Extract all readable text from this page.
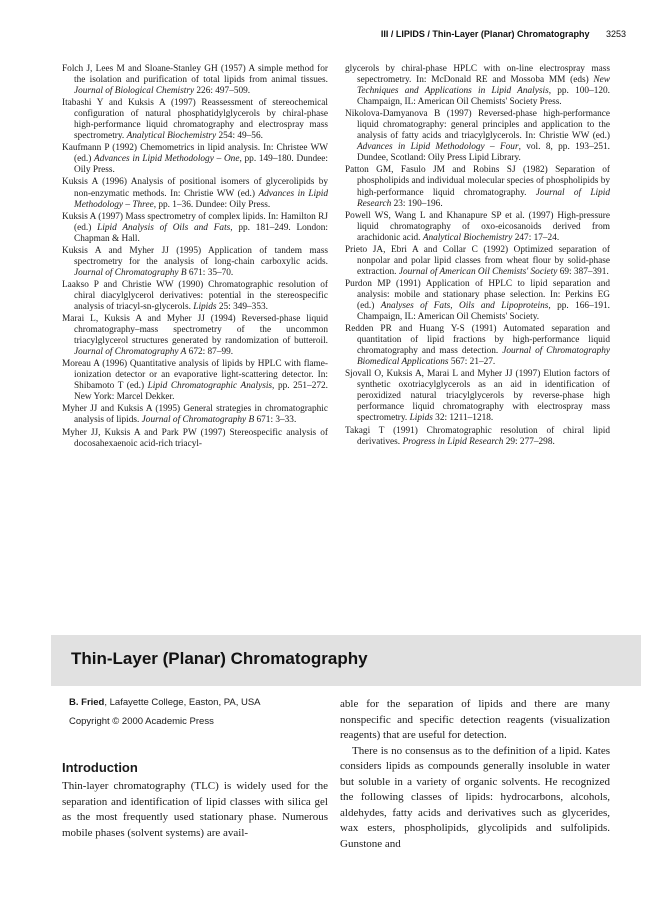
III / LIPIDS / Thin-Layer (Planar) Chromatography 3253

Folch J, Lees M and Sloane-Stanley GH (1957) A simple method for the isolation and purification of total lipids from animal tissues. Journal of Biological Chemistry 226: 497–509.

Itabashi Y and Kuksis A (1997) Reassessment of stereochemical configuration of natural phosphatidylglycerols by chiral-phase high-performance liquid chromatography and electrospray mass spectrometry. Analytical Biochemistry 254: 49–56.

Kaufmann P (1992) Chemometrics in lipid analysis. In: Christee WW (ed.) Advances in Lipid Methodology – One, pp. 149–180. Dundee: Oily Press.

Kuksis A (1996) Analysis of positional isomers of glycerolipids by non-enzymatic methods. In: Christie WW (ed.) Advances in Lipid Methodology – Three, pp. 1–36. Dundee: Oily Press.

Kuksis A (1997) Mass spectrometry of complex lipids. In: Hamilton RJ (ed.) Lipid Analysis of Oils and Fats, pp. 181–249. London: Chapman & Hall.

Kuksis A and Myher JJ (1995) Application of tandem mass spectrometry for the analysis of long-chain carboxylic acids. Journal of Chromatography B 671: 35–70.

Laakso P and Christie WW (1990) Chromatographic resolution of chiral diacylglycerol derivatives: potential in the stereospecific analysis of triacyl-sn-glycerols. Lipids 25: 349–353.

Marai L, Kuksis A and Myher JJ (1994) Reversed-phase liquid chromatography–mass spectrometry of the uncommon triacylglycerol structures generated by randomization of butteroil. Journal of Chromatography A 672: 87–99.

Moreau A (1996) Quantitative analysis of lipids by HPLC with flame-ionization detector or an evaporative light-scattering detector. In: Shibamoto T (ed.) Lipid Chromatographic Analysis, pp. 251–272. New York: Marcel Dekker.

Myher JJ and Kuksis A (1995) General strategies in chromatographic analysis of lipids. Journal of Chromatography B 671: 3–33.

Myher JJ, Kuksis A and Park PW (1997) Stereospecific analysis of docosahexaenoic acid-rich triacyl-

glycerols by chiral-phase HPLC with on-line electrospray mass sepectrometry. In: McDonald RE and Mossoba MM (eds) New Techniques and Applications in Lipid Analysis, pp. 100–120. Champaign, IL: American Oil Chemists' Society Press.

Nikolova-Damyanova B (1997) Reversed-phase high-performance liquid chromatography: general principles and application to the analysis of fatty acids and triacylglycerols. In: Christie WW (ed.) Advances in Lipid Methodology – Four, vol. 8, pp. 193–251. Dundee, Scotland: Oily Press Lipid Library.

Patton GM, Fasulo JM and Robins SJ (1982) Separation of phospholipids and individual molecular species of phospholipids by high-performance liquid chromatography. Journal of Lipid Research 23: 190–196.

Powell WS, Wang L and Khanapure SP et al. (1997) High-pressure liquid chromatography of oxo-eicosanoids derived from arachidonic acid. Analytical Biochemistry 247: 17–24.

Prieto JA, Ebri A and Collar C (1992) Optimized separation of nonpolar and polar lipid classes from wheat flour by solid-phase extraction. Journal of American Oil Chemists' Society 69: 387–391.

Purdon MP (1991) Application of HPLC to lipid separation and analysis: mobile and stationary phase selection. In: Perkins EG (ed.) Analyses of Fats, Oils and Lipoproteins, pp. 166–191. Champaign, IL: American Oil Chemists' Society.

Redden PR and Huang Y-S (1991) Automated separation and quantitation of lipid fractions by high-performance liquid chromatography and mass detection. Journal of Chromatography Biomedical Applications 567: 21–27.

Sjovall O, Kuksis A, Marai L and Myher JJ (1997) Elution factors of synthetic oxotriacylglycerols as an aid in identification of peroxidized natural triacylglycerols by reverse-phase high performance liquid chromatography with electrospray mass spectrometry. Lipids 32: 1211–1218.

Takagi T (1991) Chromatographic resolution of chiral lipid derivatives. Progress in Lipid Research 29: 277–298.

Thin-Layer (Planar) Chromatography
B. Fried, Lafayette College, Easton, PA, USA
Copyright © 2000 Academic Press
Introduction

Thin-layer chromatography (TLC) is widely used for the separation and identification of lipid classes with silica gel as the most frequently used stationary phase. Numerous mobile phases (solvent systems) are avail-

able for the separation of lipids and there are many nonspecific and specific detection reagents (visualization reagents) that are useful for detection.

There is no consensus as to the definition of a lipid. Kates considers lipids as compounds generally insoluble in water but soluble in a variety of organic solvents. He recognized the following classes of lipids: hydrocarbons, alcohols, aldehydes, fatty acids and derivatives such as glycerides, wax esters, phospholipids, glycolipids and sulfolipids. Gunstone and
